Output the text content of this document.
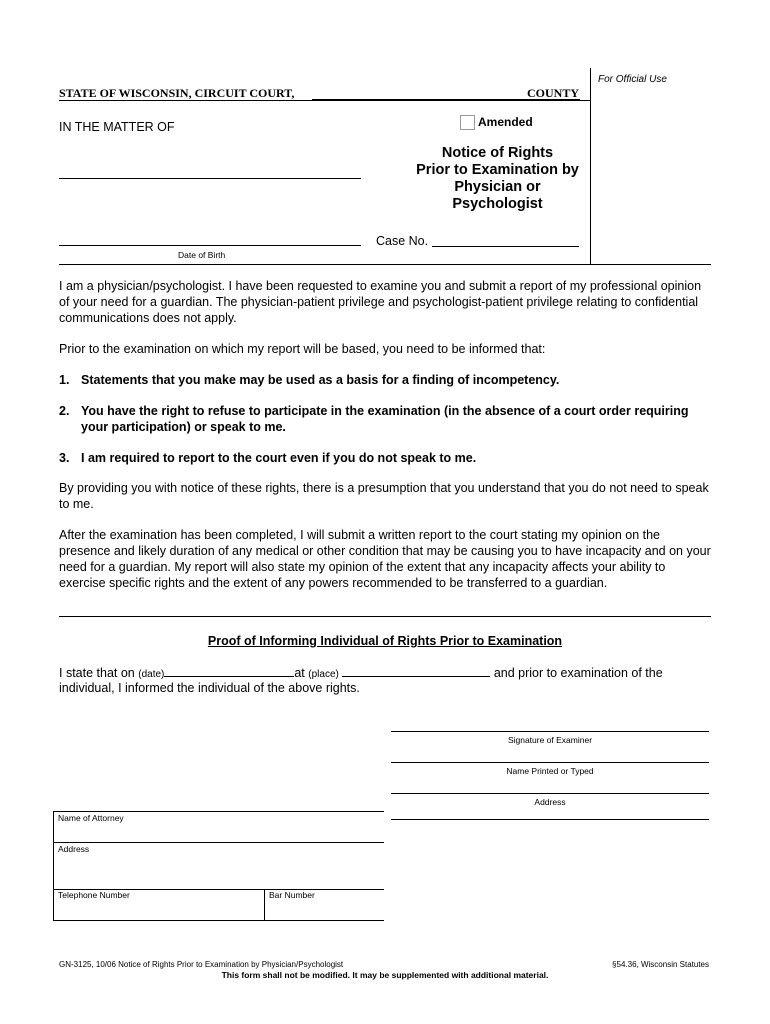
For Official Use
STATE OF WISCONSIN, CIRCUIT COURT,	COUNTY
IN THE MATTER OF	Amended
Notice of Rights
Prior to Examination by
Physician or
Psychologist
Date of Birth
Case No.
I am a physician/psychologist. I have been requested to examine you and submit a report of my professional opinion of your need for a guardian. The physician-patient privilege and psychologist-patient privilege relating to confidential communications does not apply.
Prior to the examination on which my report will be based, you need to be informed that:
1. Statements that you make may be used as a basis for a finding of incompetency.
2. You have the right to refuse to participate in the examination (in the absence of a court order requiring your participation) or speak to me.
3. I am required to report to the court even if you do not speak to me.
By providing you with notice of these rights, there is a presumption that you understand that you do not need to speak to me.
After the examination has been completed, I will submit a written report to the court stating my opinion on the presence and likely duration of any medical or other condition that may be causing you to have incapacity and on your need for a guardian. My report will also state my opinion of the extent that any incapacity affects your ability to exercise specific rights and the extent of any powers recommended to be transferred to a guardian.
Proof of Informing Individual of Rights Prior to Examination
I state that on (date)	at (place)	and prior to examination of the
individual, I informed the individual of the above rights.
Signature of Examiner
Name Printed or Typed
Address
Name of Attorney
Address
Telephone Number	Bar Number
GN-3125, 10/06 Notice of Rights Prior to Examination by Physician/Psychologist	§54.36, Wisconsin Statutes
This form shall not be modified. It may be supplemented with additional material.
